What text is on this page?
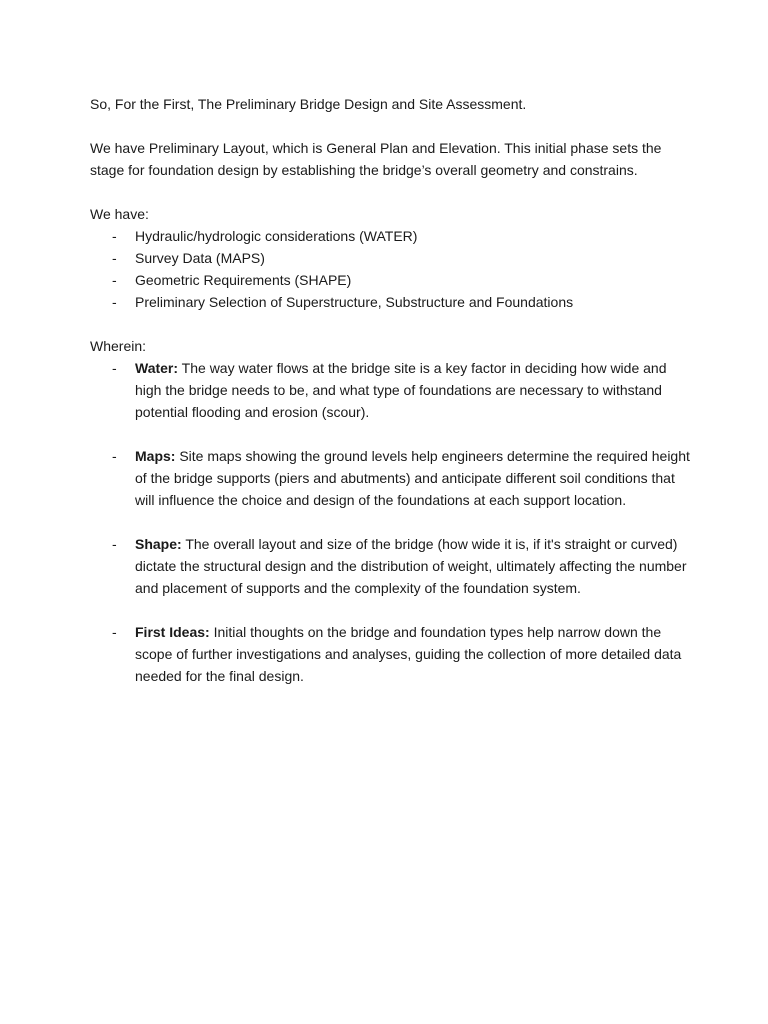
So, For the First, The Preliminary Bridge Design and Site Assessment.

We have Preliminary Layout, which is General Plan and Elevation. This initial phase sets the stage for foundation design by establishing the bridge’s overall geometry and constrains.

We have:

- Hydraulic/hydrologic considerations (WATER)
- Survey Data (MAPS)
- Geometric Requirements (SHAPE)
- Preliminary Selection of Superstructure, Substructure and Foundations

Wherein:

- Water: The way water flows at the bridge site is a key factor in deciding how wide and high the bridge needs to be, and what type of foundations are necessary to withstand potential flooding and erosion (scour).
- Maps: Site maps showing the ground levels help engineers determine the required height of the bridge supports (piers and abutments) and anticipate different soil conditions that will influence the choice and design of the foundations at each support location.
- Shape: The overall layout and size of the bridge (how wide it is, if it's straight or curved) dictate the structural design and the distribution of weight, ultimately affecting the number and placement of supports and the complexity of the foundation system.
- First Ideas: Initial thoughts on the bridge and foundation types help narrow down the scope of further investigations and analyses, guiding the collection of more detailed data needed for the final design.
